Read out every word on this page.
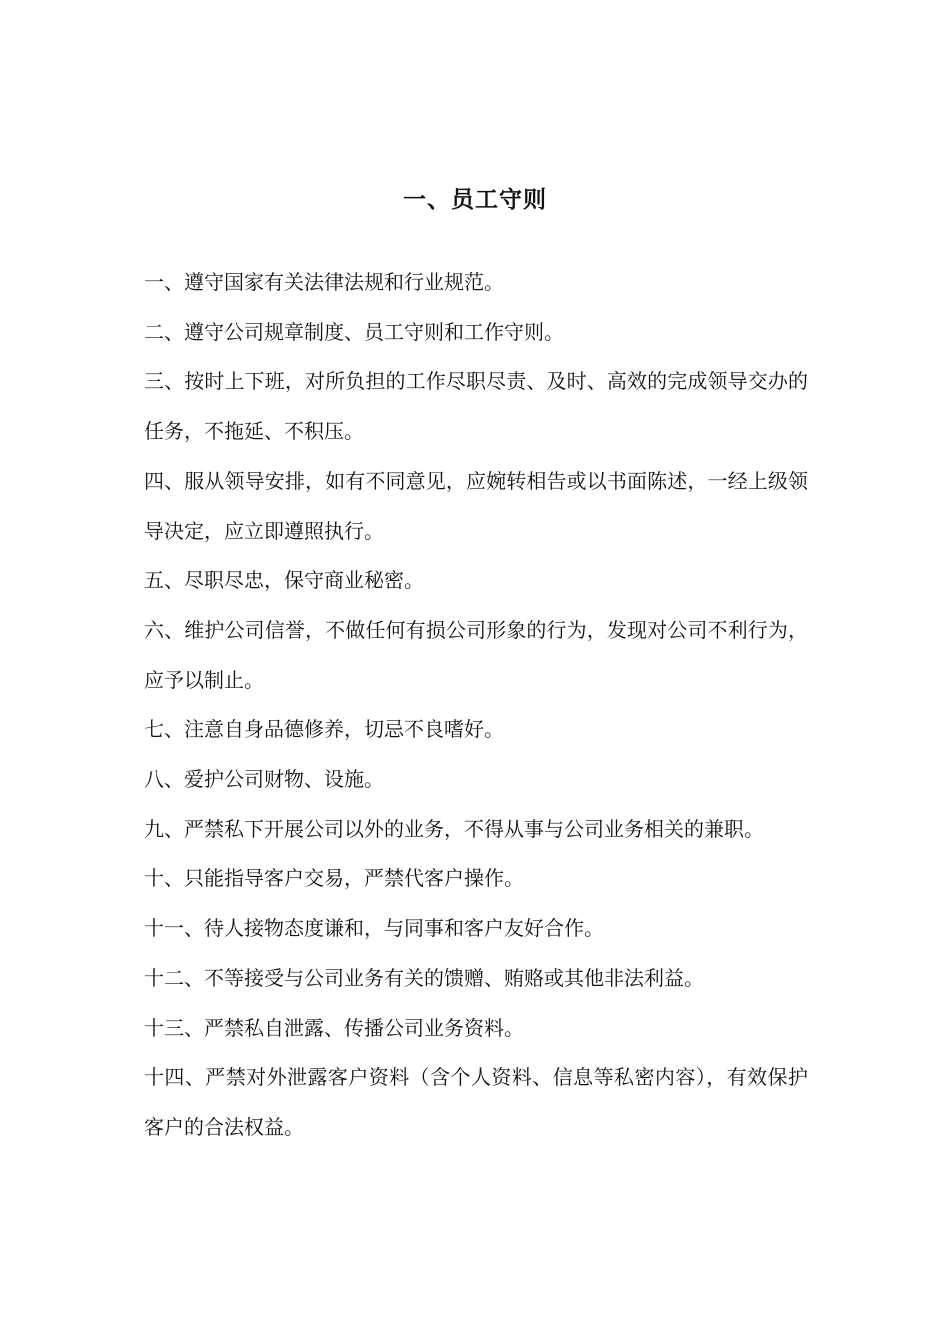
一、员工守则
一、遵守国家有关法律法规和行业规范。
二、遵守公司规章制度、员工守则和工作守则。
三、按时上下班，对所负担的工作尽职尽责、及时、高效的完成领导交办的任务，不拖延、不积压。
四、服从领导安排，如有不同意见，应婉转相告或以书面陈述，一经上级领导决定，应立即遵照执行。
五、尽职尽忠，保守商业秘密。
六、维护公司信誉，不做任何有损公司形象的行为，发现对公司不利行为，应予以制止。
七、注意自身品德修养，切忌不良嗜好。
八、爱护公司财物、设施。
九、严禁私下开展公司以外的业务，不得从事与公司业务相关的兼职。
十、只能指导客户交易，严禁代客户操作。
十一、待人接物态度谦和，与同事和客户友好合作。
十二、不等接受与公司业务有关的馈赠、贿赂或其他非法利益。
十三、严禁私自泄露、传播公司业务资料。
十四、严禁对外泄露客户资料（含个人资料、信息等私密内容），有效保护客户的合法权益。
